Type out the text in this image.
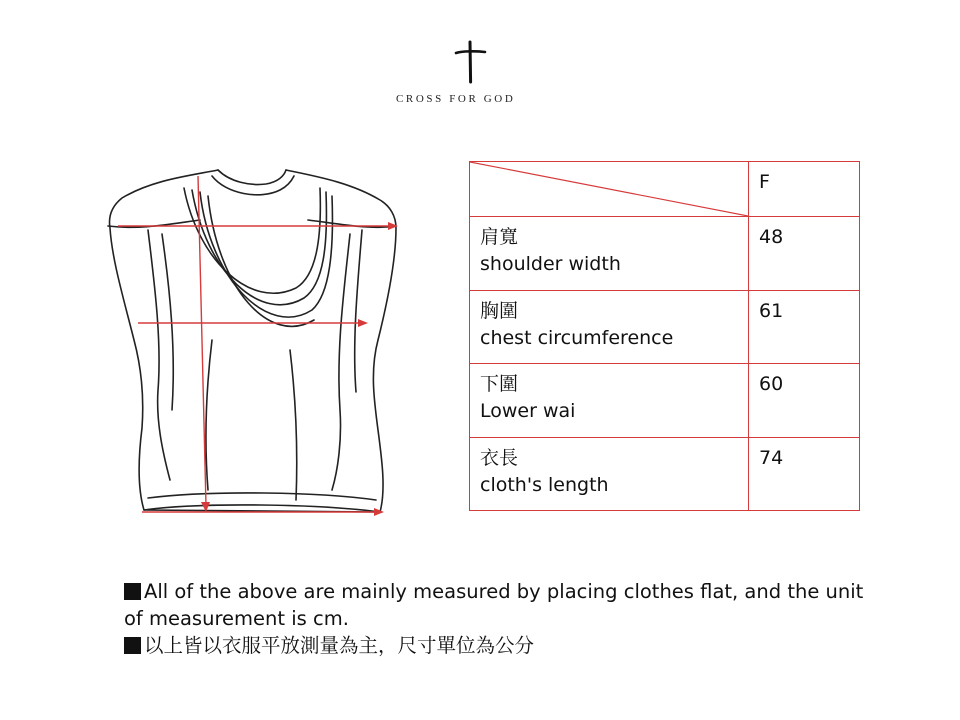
CROSS FOR GOD
	F

肩寬
shoulder width	48

胸圍
chest circumference	61

下圍
Lower wai	60

衣長
cloth's length	74

All of the above are mainly measured by placing clothes flat, and the unit of measurement is cm.

以上皆以衣服平放測量為主，尺寸單位為公分
